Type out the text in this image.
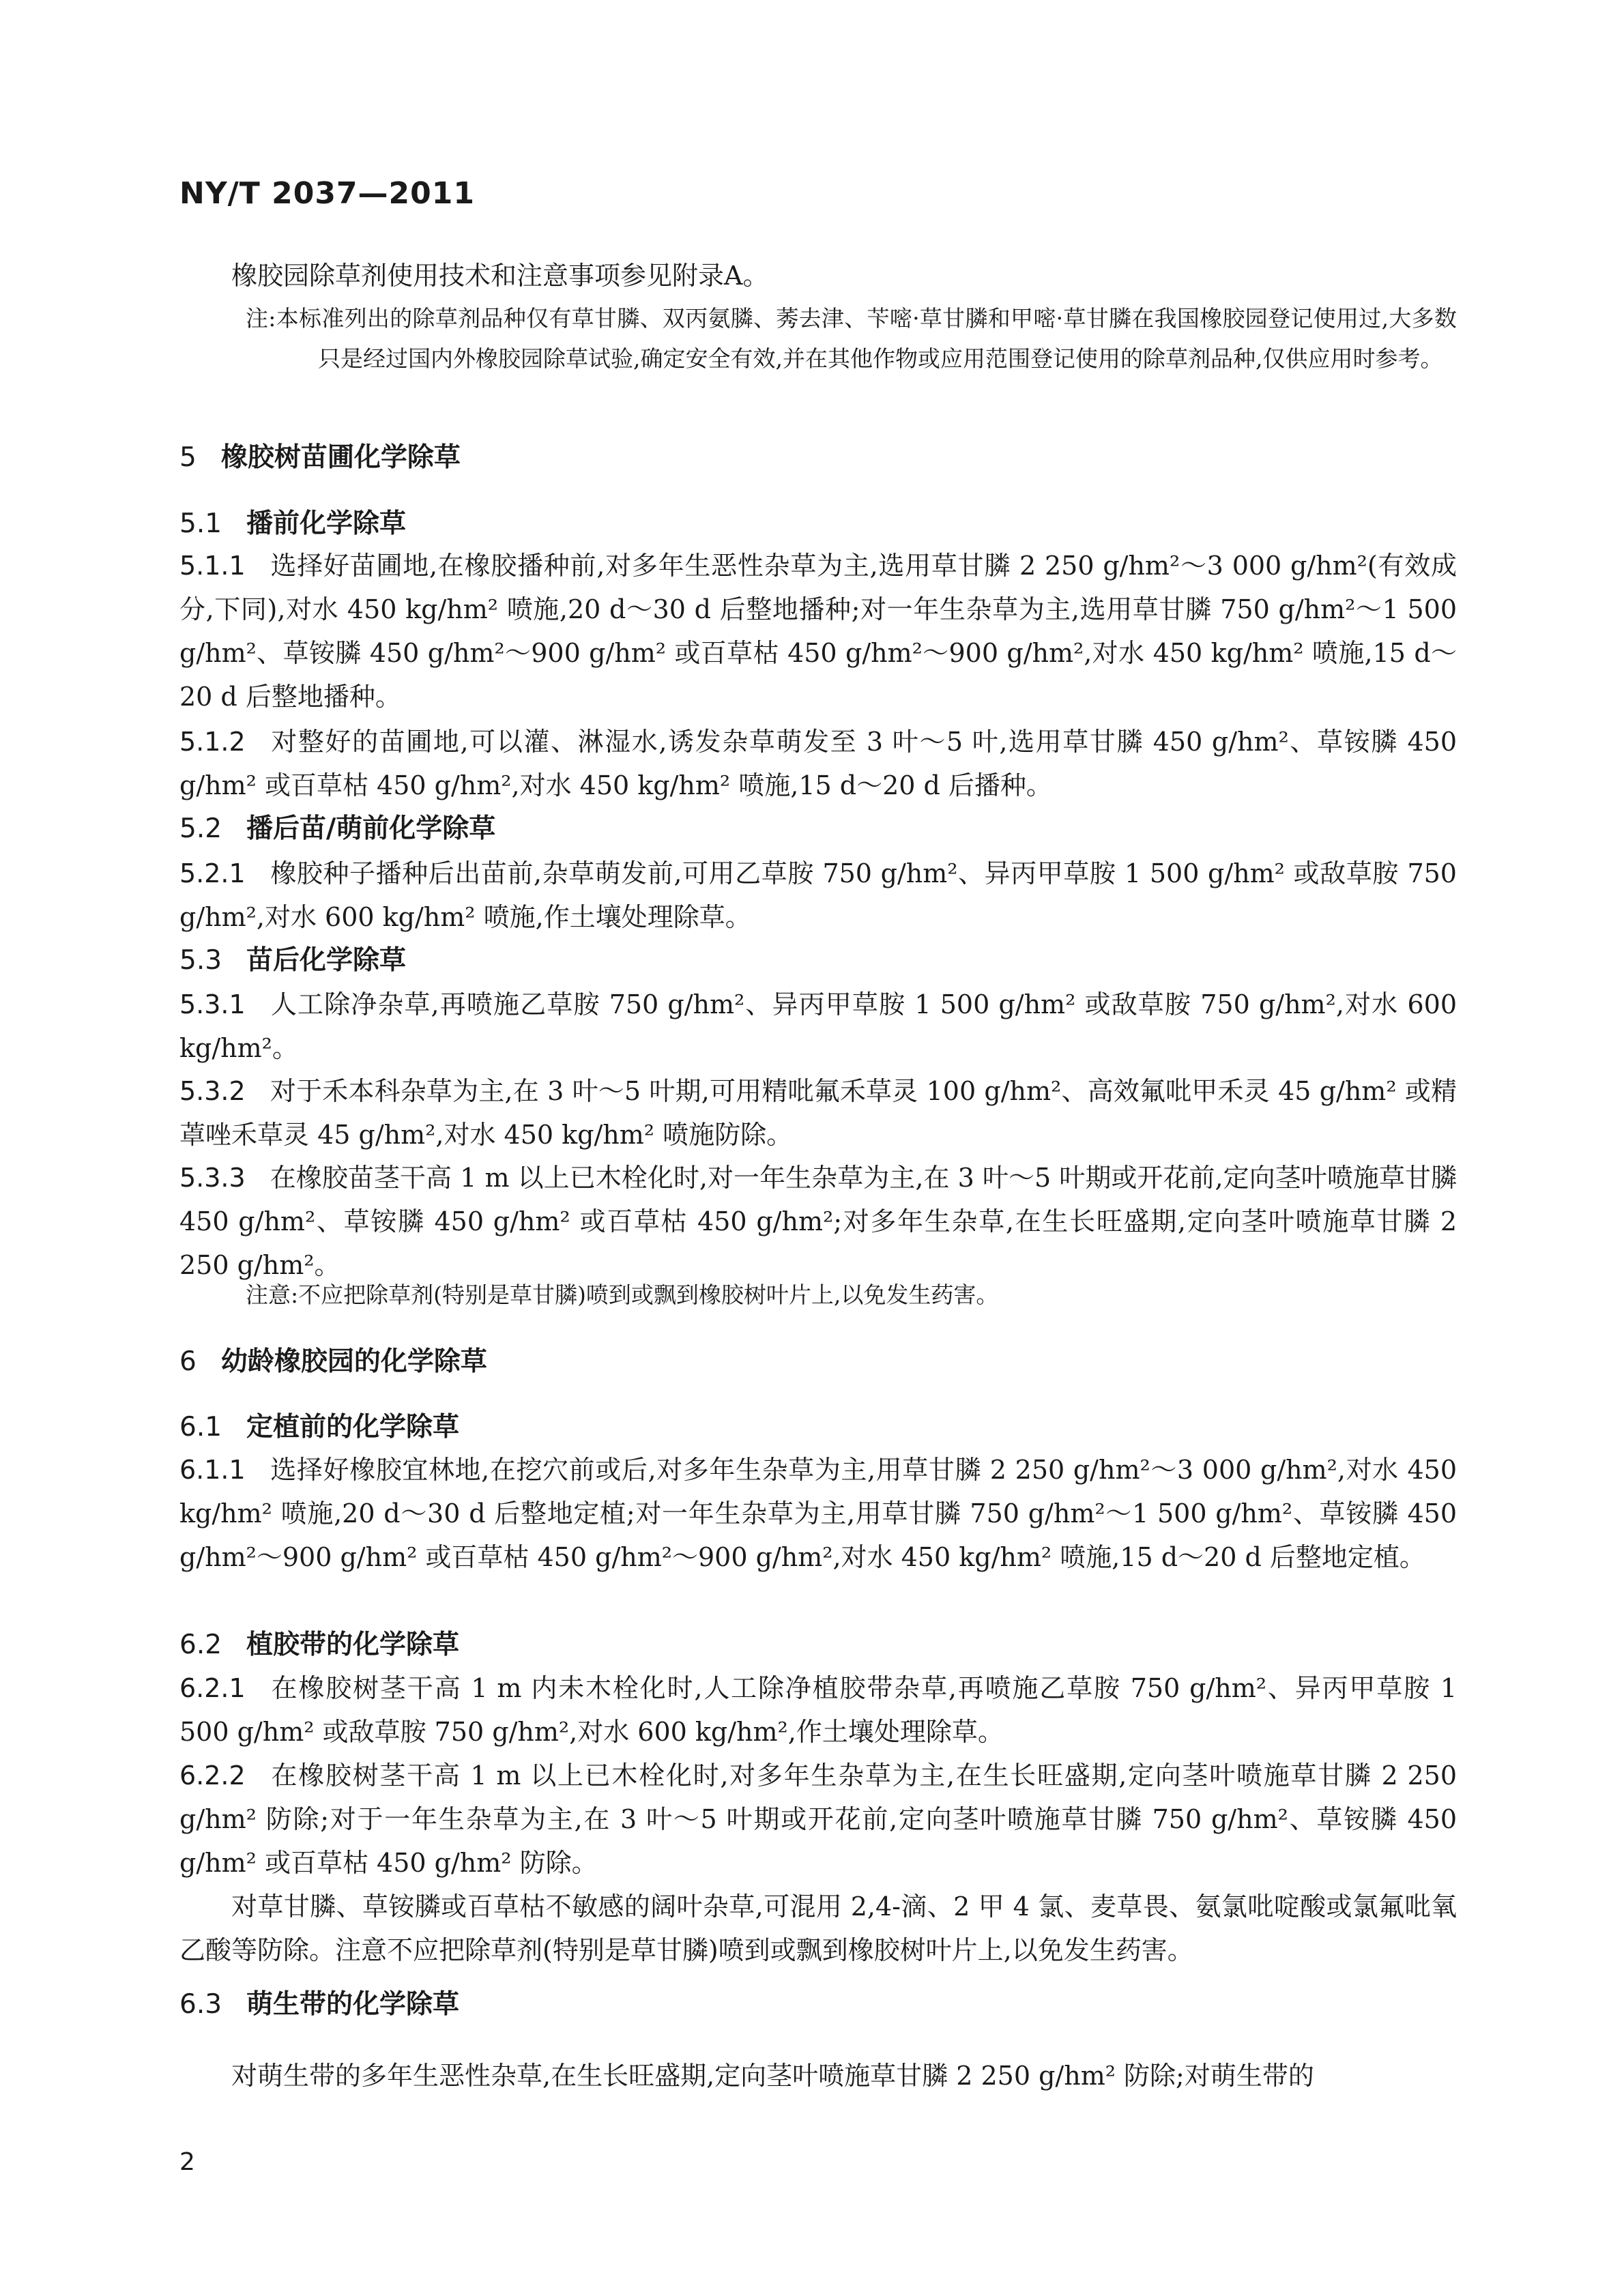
NY/T 2037—2011

橡胶园除草剂使用技术和注意事项参见附录A。

注:本标准列出的除草剂品种仅有草甘膦、双丙氨膦、莠去津、苄嘧·草甘膦和甲嘧·草甘膦在我国橡胶园登记使用过,大多数只是经过国内外橡胶园除草试验,确定安全有效,并在其他作物或应用范围登记使用的除草剂品种,仅供应用时参考。

5 橡胶树苗圃化学除草

5.1 播前化学除草

5.1.1 选择好苗圃地,在橡胶播种前,对多年生恶性杂草为主,选用草甘膦 2 250 g/hm²～3 000 g/hm²(有效成分,下同),对水 450 kg/hm² 喷施,20 d～30 d 后整地播种;对一年生杂草为主,选用草甘膦 750 g/hm²～1 500 g/hm²、草铵膦 450 g/hm²～900 g/hm² 或百草枯 450 g/hm²～900 g/hm²,对水 450 kg/hm² 喷施,15 d～20 d 后整地播种。

5.1.2 对整好的苗圃地,可以灌、淋湿水,诱发杂草萌发至 3 叶～5 叶,选用草甘膦 450 g/hm²、草铵膦 450 g/hm² 或百草枯 450 g/hm²,对水 450 kg/hm² 喷施,15 d～20 d 后播种。

5.2 播后苗/萌前化学除草

5.2.1 橡胶种子播种后出苗前,杂草萌发前,可用乙草胺 750 g/hm²、异丙甲草胺 1 500 g/hm² 或敌草胺 750 g/hm²,对水 600 kg/hm² 喷施,作土壤处理除草。

5.3 苗后化学除草

5.3.1 人工除净杂草,再喷施乙草胺 750 g/hm²、异丙甲草胺 1 500 g/hm² 或敌草胺 750 g/hm²,对水 600 kg/hm²。

5.3.2 对于禾本科杂草为主,在 3 叶～5 叶期,可用精吡氟禾草灵 100 g/hm²、高效氟吡甲禾灵 45 g/hm² 或精䓬唑禾草灵 45 g/hm²,对水 450 kg/hm² 喷施防除。

5.3.3 在橡胶苗茎干高 1 m 以上已木栓化时,对一年生杂草为主,在 3 叶～5 叶期或开花前,定向茎叶喷施草甘膦 450 g/hm²、草铵膦 450 g/hm² 或百草枯 450 g/hm²;对多年生杂草,在生长旺盛期,定向茎叶喷施草甘膦 2 250 g/hm²。

注意:不应把除草剂(特别是草甘膦)喷到或飘到橡胶树叶片上,以免发生药害。

6 幼龄橡胶园的化学除草

6.1 定植前的化学除草

6.1.1 选择好橡胶宜林地,在挖穴前或后,对多年生杂草为主,用草甘膦 2 250 g/hm²～3 000 g/hm²,对水 450 kg/hm² 喷施,20 d～30 d 后整地定植;对一年生杂草为主,用草甘膦 750 g/hm²～1 500 g/hm²、草铵膦 450 g/hm²～900 g/hm² 或百草枯 450 g/hm²～900 g/hm²,对水 450 kg/hm² 喷施,15 d～20 d 后整地定植。

6.2 植胶带的化学除草

6.2.1 在橡胶树茎干高 1 m 内未木栓化时,人工除净植胶带杂草,再喷施乙草胺 750 g/hm²、异丙甲草胺 1 500 g/hm² 或敌草胺 750 g/hm²,对水 600 kg/hm²,作土壤处理除草。

6.2.2 在橡胶树茎干高 1 m 以上已木栓化时,对多年生杂草为主,在生长旺盛期,定向茎叶喷施草甘膦 2 250 g/hm² 防除;对于一年生杂草为主,在 3 叶～5 叶期或开花前,定向茎叶喷施草甘膦 750 g/hm²、草铵膦 450 g/hm² 或百草枯 450 g/hm² 防除。

对草甘膦、草铵膦或百草枯不敏感的阔叶杂草,可混用 2,4-滴、2 甲 4 氯、麦草畏、氨氯吡啶酸或氯氟吡氧乙酸等防除。注意不应把除草剂(特别是草甘膦)喷到或飘到橡胶树叶片上,以免发生药害。

6.3 萌生带的化学除草

对萌生带的多年生恶性杂草,在生长旺盛期,定向茎叶喷施草甘膦 2 250 g/hm² 防除;对萌生带的

2
